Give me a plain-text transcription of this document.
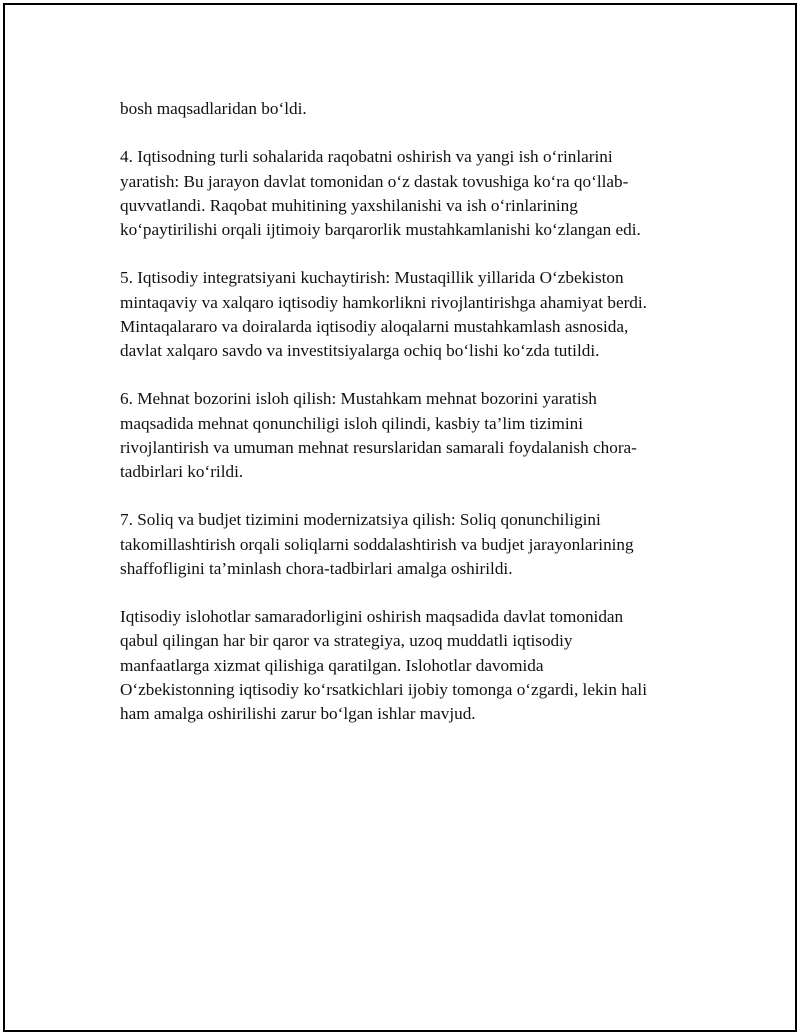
bosh maqsadlaridan bo‘ldi.

4. Iqtisodning turli sohalarida raqobatni oshirish va yangi ish o‘rinlarini
yaratish: Bu jarayon davlat tomonidan o‘z dastak tovushiga ko‘ra qo‘llab-
quvvatlandi. Raqobat muhitining yaxshilanishi va ish o‘rinlarining
ko‘paytirilishi orqali ijtimoiy barqarorlik mustahkamlanishi ko‘zlangan edi.

5. Iqtisodiy integratsiyani kuchaytirish: Mustaqillik yillarida O‘zbekiston
mintaqaviy va xalqaro iqtisodiy hamkorlikni rivojlantirishga ahamiyat berdi.
Mintaqalararo va doiralarda iqtisodiy aloqalarni mustahkamlash asnosida,
davlat xalqaro savdo va investitsiyalarga ochiq bo‘lishi ko‘zda tutildi.

6. Mehnat bozorini isloh qilish: Mustahkam mehnat bozorini yaratish
maqsadida mehnat qonunchiligi isloh qilindi, kasbiy ta’lim tizimini
rivojlantirish va umuman mehnat resurslaridan samarali foydalanish chora-
tadbirlari ko‘rildi.

7. Soliq va budjet tizimini modernizatsiya qilish: Soliq qonunchiligini
takomillashtirish orqali soliqlarni soddalashtirish va budjet jarayonlarining
shaffofligini ta’minlash chora-tadbirlari amalga oshirildi.

Iqtisodiy islohotlar samaradorligini oshirish maqsadida davlat tomonidan
qabul qilingan har bir qaror va strategiya, uzoq muddatli iqtisodiy
manfaatlarga xizmat qilishiga qaratilgan. Islohotlar davomida
O‘zbekistonning iqtisodiy ko‘rsatkichlari ijobiy tomonga o‘zgardi, lekin hali
ham amalga oshirilishi zarur bo‘lgan ishlar mavjud.
